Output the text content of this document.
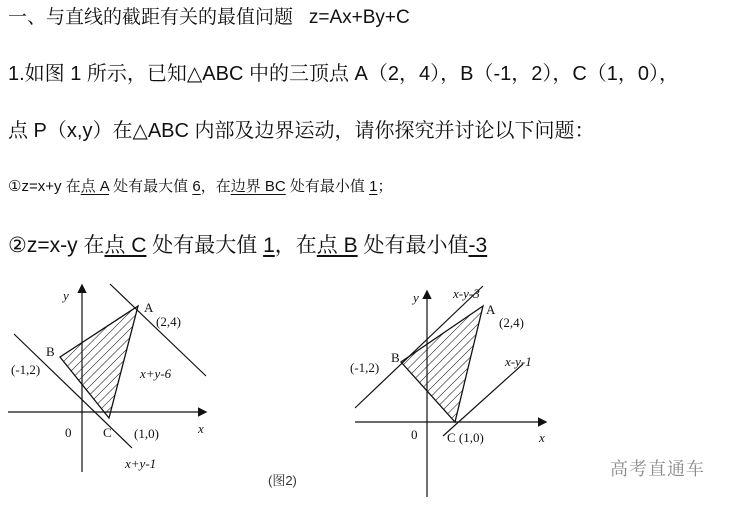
一、与直线的截距有关的最值问题 z=Ax+By+C
1.如图 1 所示，已知△ABC 中的三顶点 A（2，4），B（-1，2），C（1，0），
点 P（x,y）在△ABC 内部及边界运动，请你探究并讨论以下问题：
①z=x+y 在点 A 处有最大值 6，在边界 BC 处有最小值 1；
②z=x-y 在点 C 处有最大值 1，在点 B 处有最小值-3
y
x
0
A
(2,4)
B
(-1,2)
C (1,0)
x+y-6
x+y-1
y
x
0
A
(2,4)
B
(-1,2)
C (1,0)
x-y-3
x-y-1
(图2)
高考直通车
